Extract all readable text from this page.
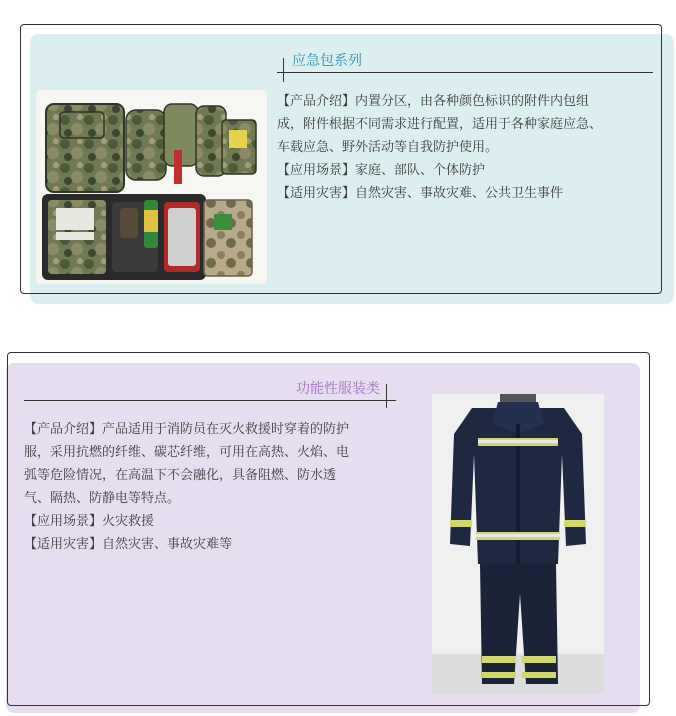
应急包系列

【产品介绍】内置分区，由各种颜色标识的附件内包组

成，附件根据不同需求进行配置，适用于各种家庭应急、

车载应急、野外活动等自我防护使用。

【应用场景】家庭、部队、个体防护

【适用灾害】自然灾害、事故灾难、公共卫生事件

功能性服装类

【产品介绍】产品适用于消防员在灭火救援时穿着的防护

服，采用抗燃的纤维、碳芯纤维，可用在高热、火焰、电

弧等危险情况，在高温下不会融化，具备阻燃、防水透

气、隔热、防静电等特点。

【应用场景】火灾救援

【适用灾害】自然灾害、事故灾难等
